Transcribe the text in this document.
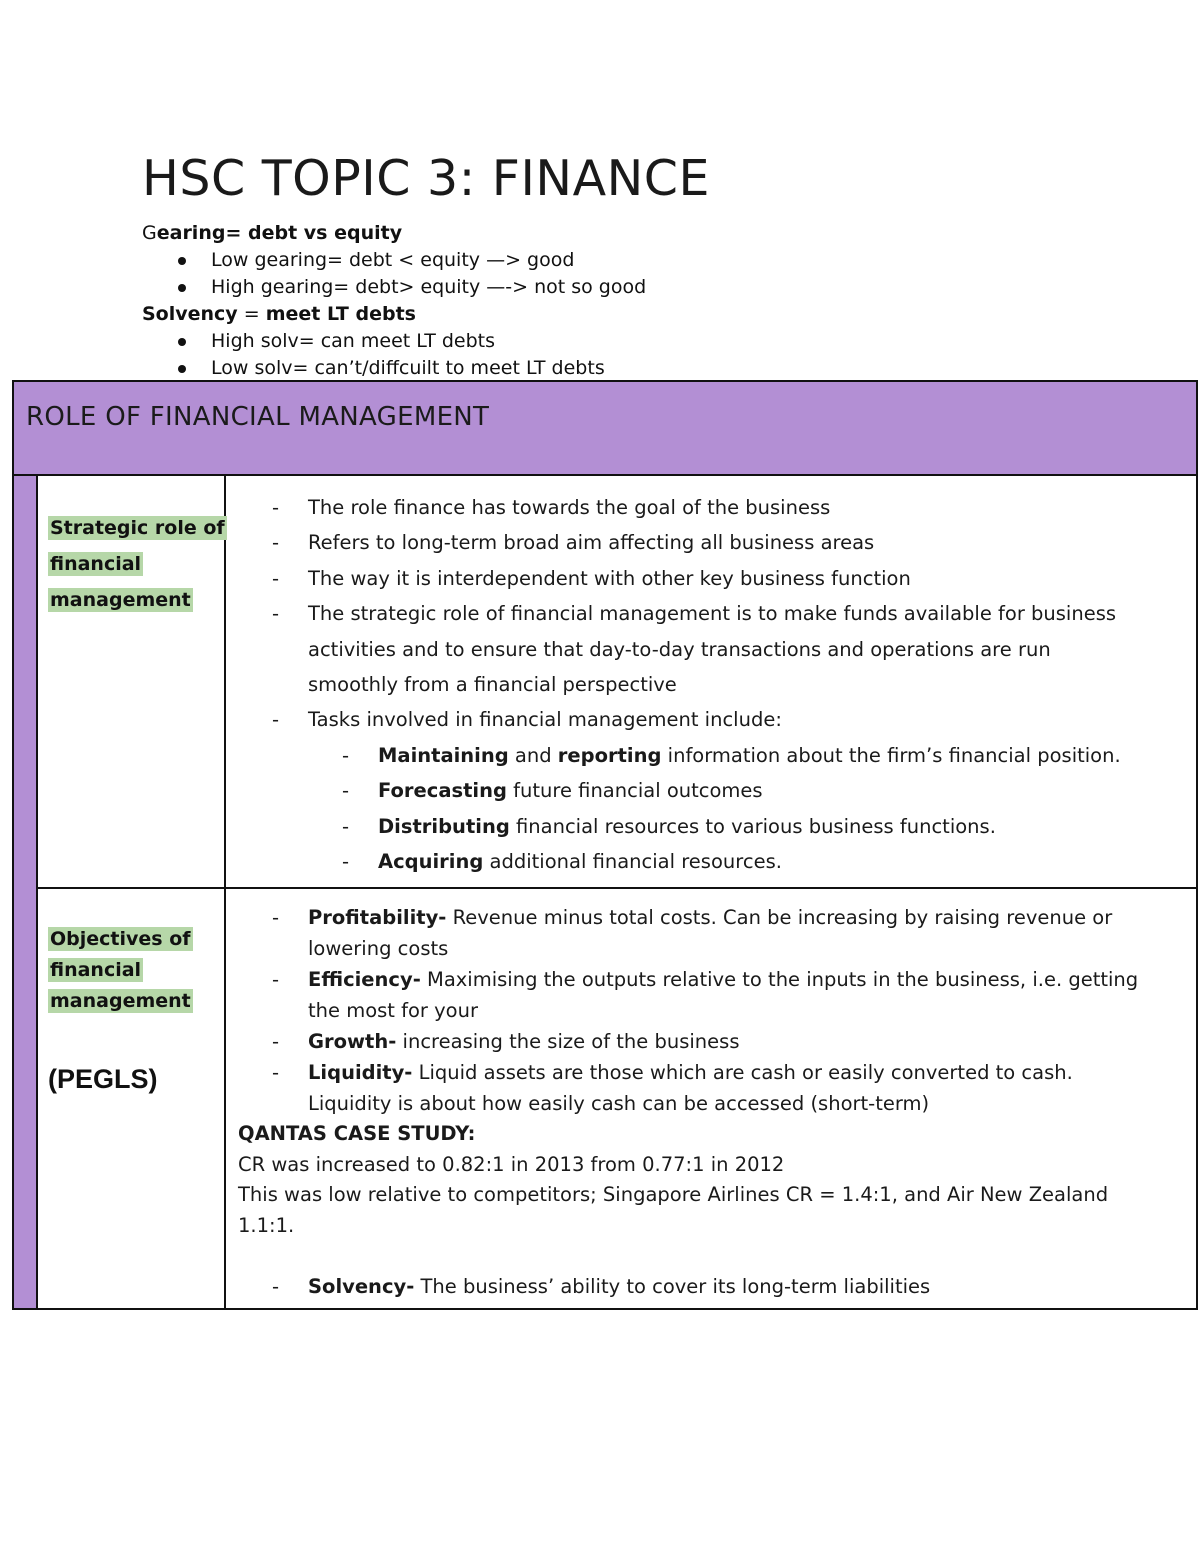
HSC TOPIC 3: FINANCE
Gearing= debt vs equity
Low gearing= debt < equity —> good
High gearing= debt> equity —-> not so good
Solvency = meet LT debts
High solv= can meet LT debts
Low solv= can’t/diffcuilt to meet LT debts
ROLE OF FINANCIAL MANAGEMENT
Strategic role of
financial
management
- The role finance has towards the goal of the business
- Refers to long-term broad aim affecting all business areas
- The way it is interdependent with other key business function
- The strategic role of financial management is to make funds available for business
activities and to ensure that day-to-day transactions and operations are run
smoothly from a financial perspective
- Tasks involved in financial management include:
- Maintaining and reporting information about the firm’s financial position.
- Forecasting future financial outcomes
- Distributing financial resources to various business functions.
- Acquiring additional financial resources.
Objectives of
financial
management
(PEGLS)
- Profitability- Revenue minus total costs. Can be increasing by raising revenue or
lowering costs
- Efficiency- Maximising the outputs relative to the inputs in the business, i.e. getting
the most for your
- Growth- increasing the size of the business
- Liquidity- Liquid assets are those which are cash or easily converted to cash.
Liquidity is about how easily cash can be accessed (short-term)
QANTAS CASE STUDY:
CR was increased to 0.82:1 in 2013 from 0.77:1 in 2012
This was low relative to competitors; Singapore Airlines CR = 1.4:1, and Air New Zealand
1.1:1.
- Solvency- The business’ ability to cover its long-term liabilities
